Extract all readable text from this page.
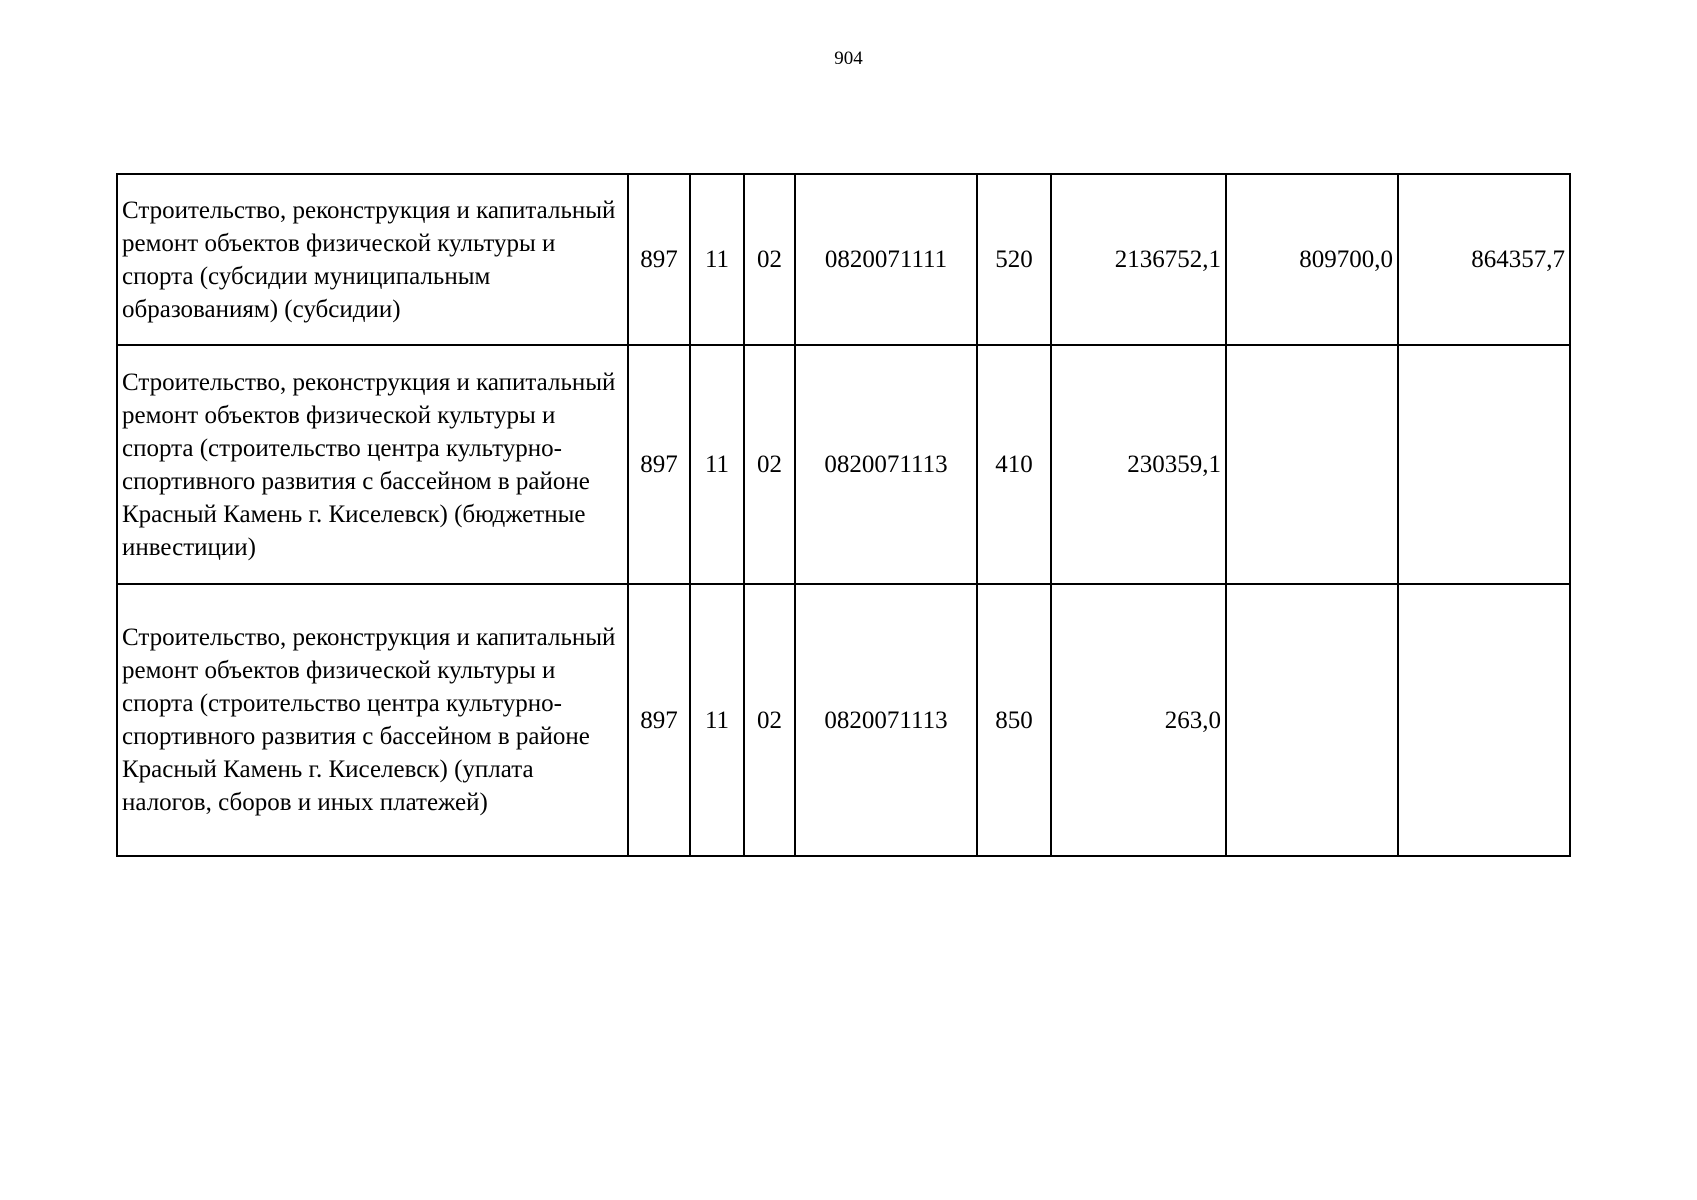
904
Строительство, реконструкция и капитальный ремонт объектов физической культуры и спорта (субсидии муниципальным образованиям) (субсидии)	897	11	02	0820071111	520	2136752,1	809700,0	864357,7
Строительство, реконструкция и капитальный ремонт объектов физической культуры и спорта (строительство центра культурно-спортивного развития с бассейном в районе Красный Камень г. Киселевск) (бюджетные инвестиции)	897	11	02	0820071113	410	230359,1		
Строительство, реконструкция и капитальный ремонт объектов физической культуры и спорта (строительство центра культурно-спортивного развития с бассейном в районе Красный Камень г. Киселевск) (уплата налогов, сборов и иных платежей)	897	11	02	0820071113	850	263,0		
